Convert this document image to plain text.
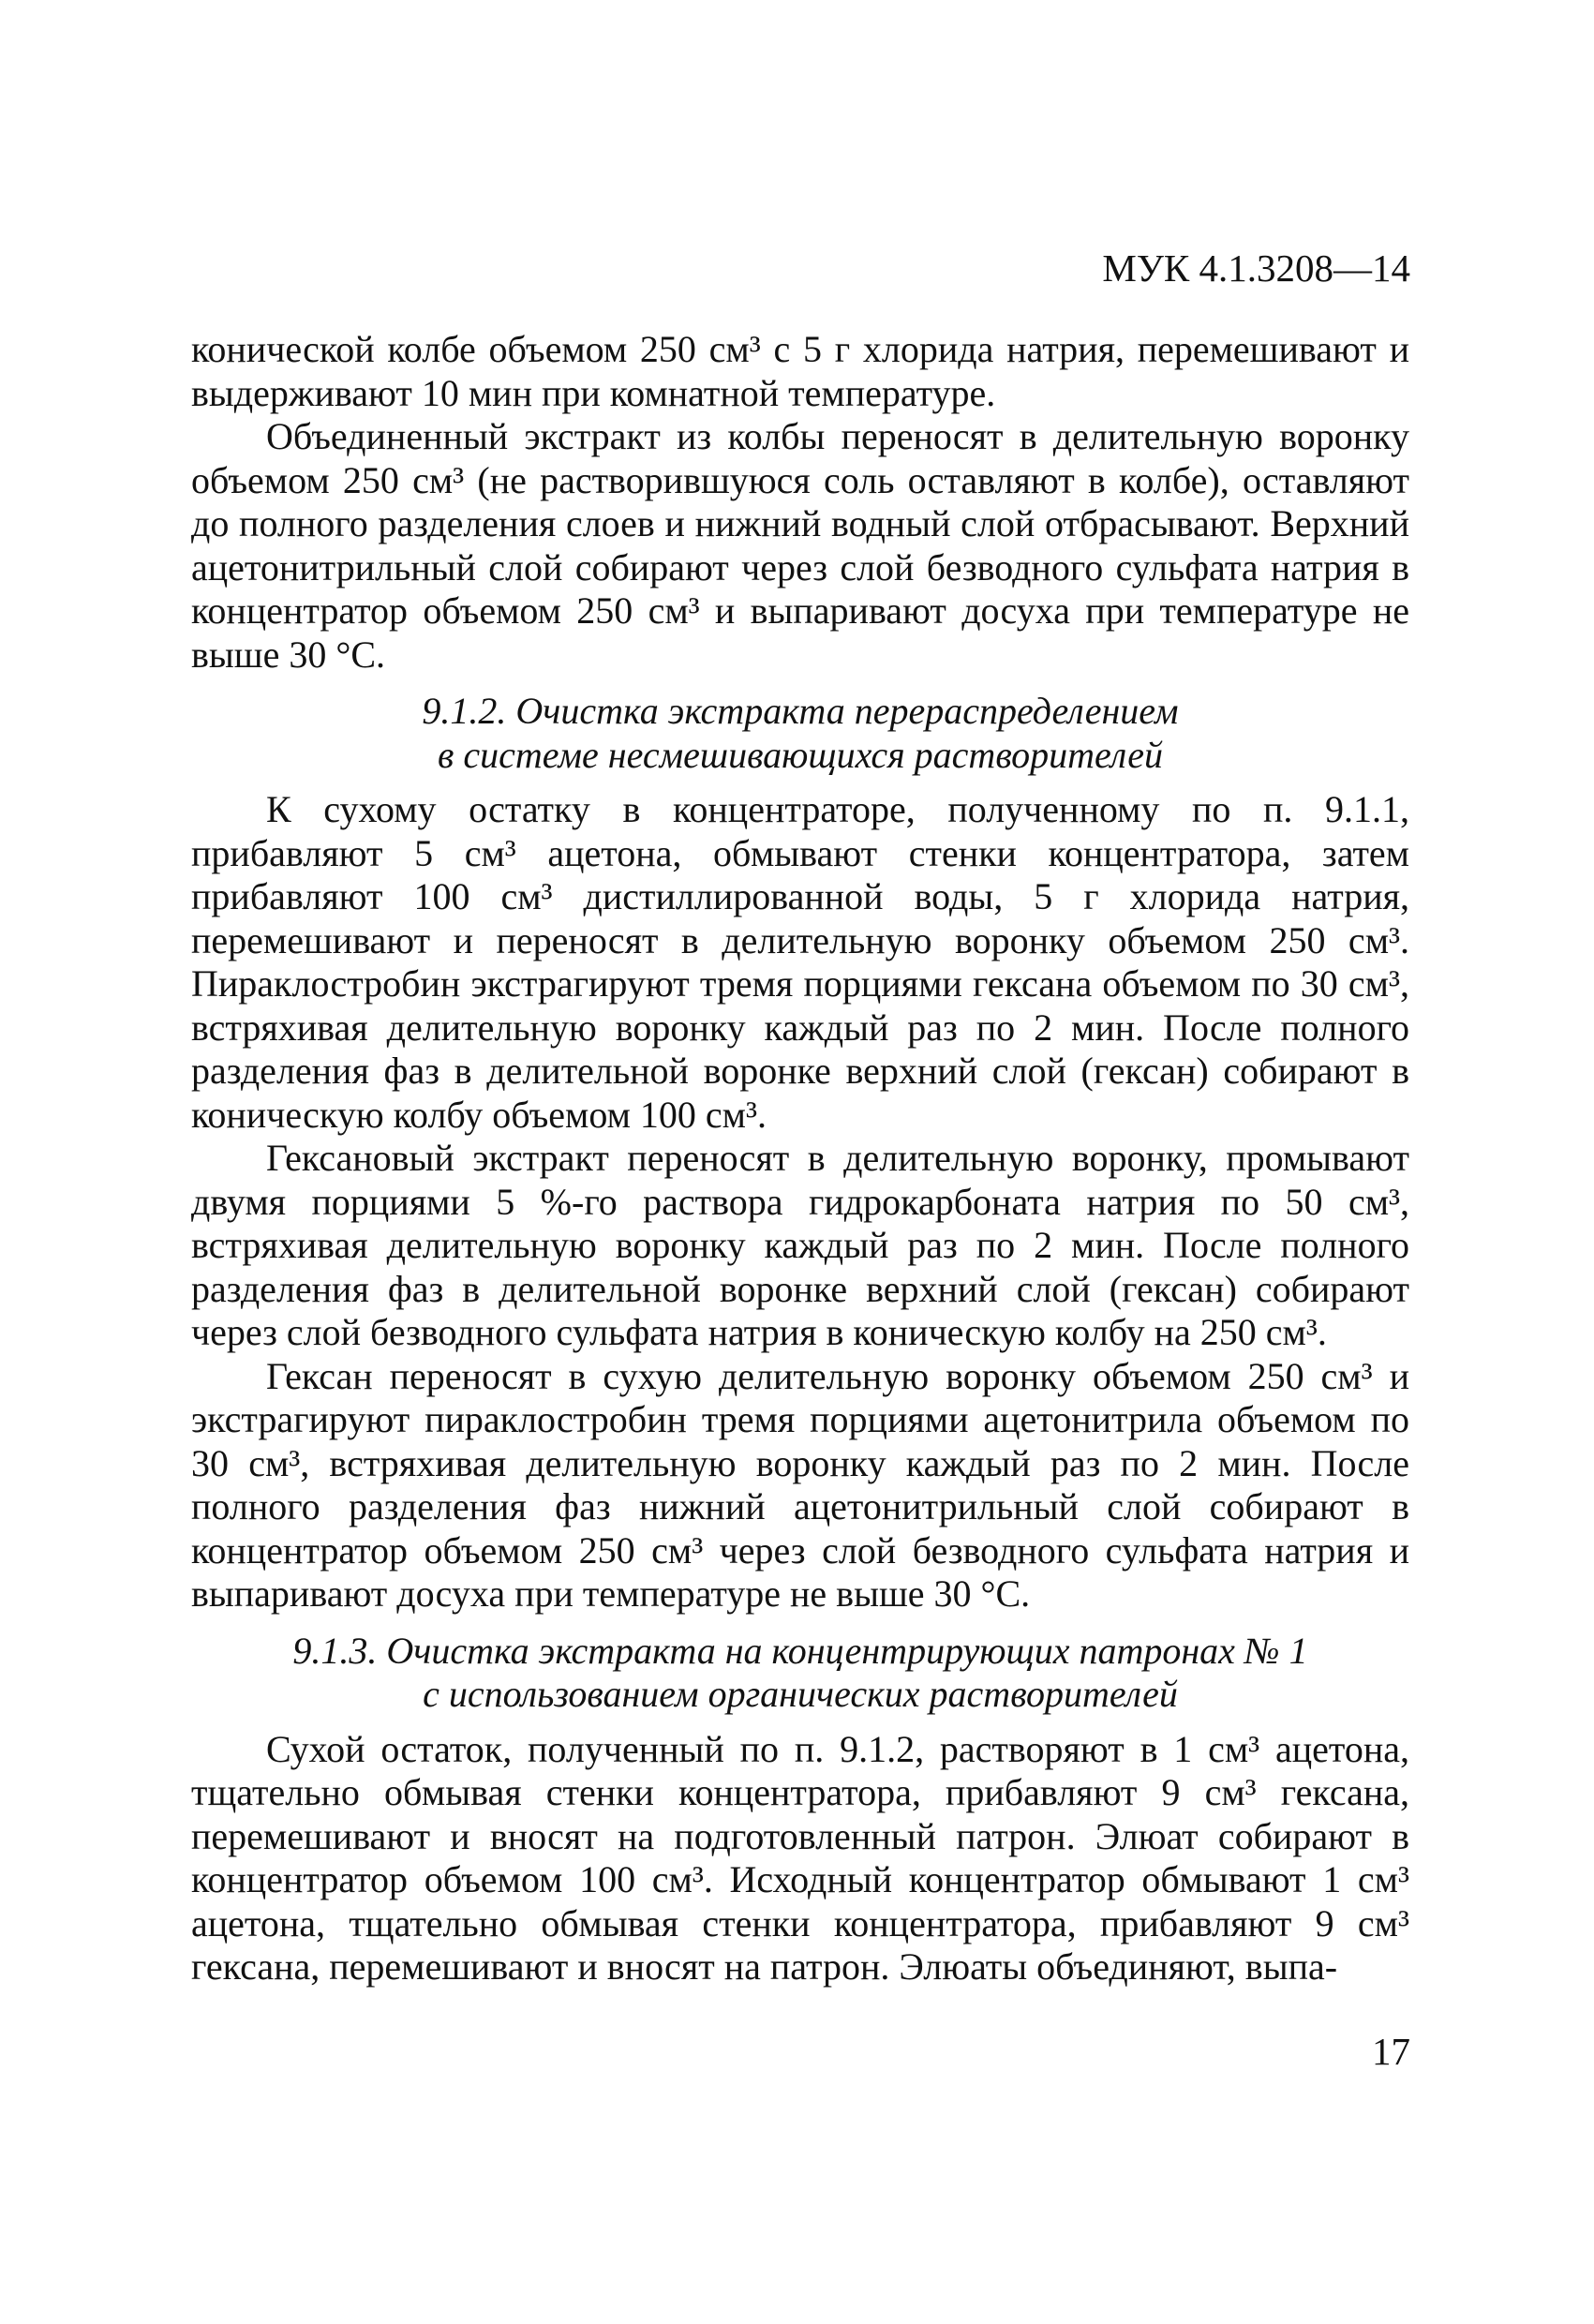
МУК 4.1.3208—14

конической колбе объемом 250 см³ с 5 г хлорида натрия, перемешивают и выдерживают 10 мин при комнатной температуре.

Объединенный экстракт из колбы переносят в делительную воронку объемом 250 см³ (не растворившуюся соль оставляют в колбе), оставляют до полного разделения слоев и нижний водный слой отбрасывают. Верхний ацетонитрильный слой собирают через слой безводного сульфата натрия в концентратор объемом 250 см³ и выпаривают досуха при температуре не выше 30 °С.

9.1.2. Очистка экстракта перераспределением
в системе несмешивающихся растворителей

К сухому остатку в концентраторе, полученному по п. 9.1.1, прибавляют 5 см³ ацетона, обмывают стенки концентратора, затем прибавляют 100 см³ дистиллированной воды, 5 г хлорида натрия, перемешивают и переносят в делительную воронку объемом 250 см³. Пираклостробин экстрагируют тремя порциями гексана объемом по 30 см³, встряхивая делительную воронку каждый раз по 2 мин. После полного разделения фаз в делительной воронке верхний слой (гексан) собирают в коническую колбу объемом 100 см³.

Гексановый экстракт переносят в делительную воронку, промывают двумя порциями 5 %-го раствора гидрокарбоната натрия по 50 см³, встряхивая делительную воронку каждый раз по 2 мин. После полного разделения фаз в делительной воронке верхний слой (гексан) собирают через слой безводного сульфата натрия в коническую колбу на 250 см³.

Гексан переносят в сухую делительную воронку объемом 250 см³ и экстрагируют пираклостробин тремя порциями ацетонитрила объемом по 30 см³, встряхивая делительную воронку каждый раз по 2 мин. После полного разделения фаз нижний ацетонитрильный слой собирают в концентратор объемом 250 см³ через слой безводного сульфата натрия и выпаривают досуха при температуре не выше 30 °С.

9.1.3. Очистка экстракта на концентрирующих патронах № 1
с использованием органических растворителей

Сухой остаток, полученный по п. 9.1.2, растворяют в 1 см³ ацетона, тщательно обмывая стенки концентратора, прибавляют 9 см³ гексана, перемешивают и вносят на подготовленный патрон. Элюат собирают в концентратор объемом 100 см³. Исходный концентратор обмывают 1 см³ ацетона, тщательно обмывая стенки концентратора, прибавляют 9 см³ гексана, перемешивают и вносят на патрон. Элюаты объединяют, выпа-

17
